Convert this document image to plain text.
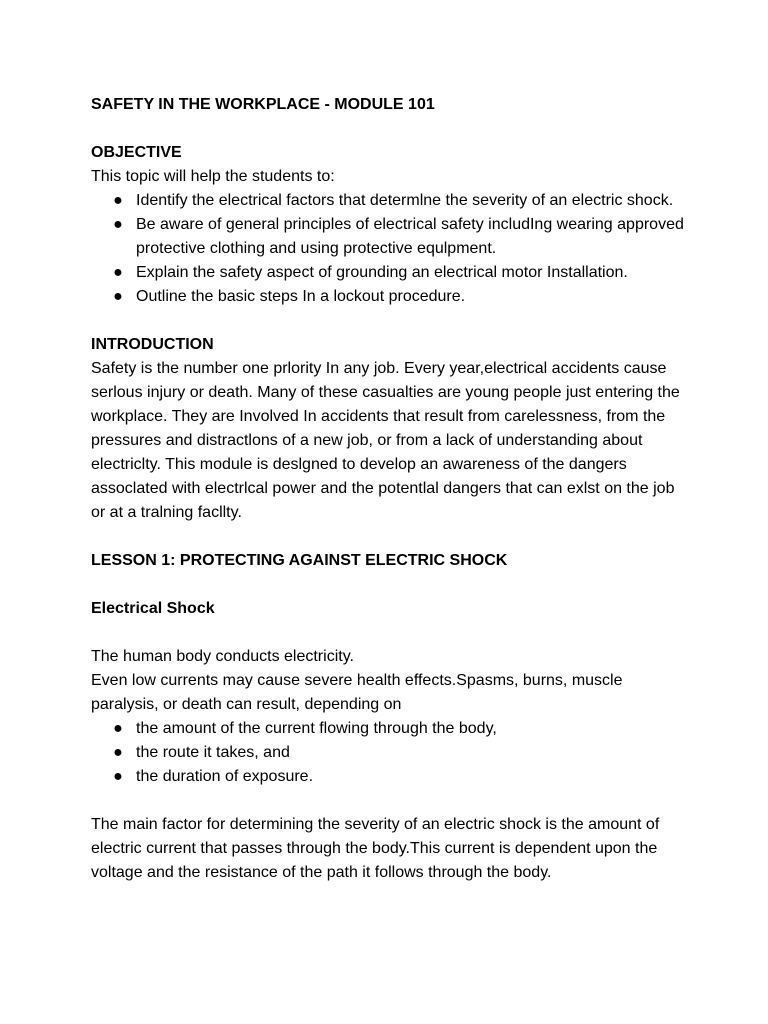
SAFETY IN THE WORKPLACE - MODULE 101
OBJECTIVE
This topic will help the students to:
● Identify the electrical factors that determlne the severity of an electric shock.
● Be aware of general principles of electrical safety includIng wearing approved protective clothing and using protective equlpment.
● Explain the safety aspect of grounding an electrical motor Installation.
● Outline the basic steps In a lockout procedure.
INTRODUCTION
Safety is the number one prlority In any job. Every year,electrical accidents cause serlous injury or death. Many of these casualties are young people just entering the workplace. They are Involved In accidents that result from carelessness, from the pressures and distractlons of a new job, or from a lack of understanding about electriclty. This module is deslgned to develop an awareness of the dangers assoclated with electrlcal power and the potentlal dangers that can exlst on the job or at a tralning facllty.
LESSON 1: PROTECTING AGAINST ELECTRIC SHOCK
Electrical Shock
The human body conducts electricity.
Even low currents may cause severe health effects.Spasms, burns, muscle paralysis, or death can result, depending on
● the amount of the current flowing through the body,
● the route it takes, and
● the duration of exposure.
The main factor for determining the severity of an electric shock is the amount of electric current that passes through the body.This current is dependent upon the voltage and the resistance of the path it follows through the body.
